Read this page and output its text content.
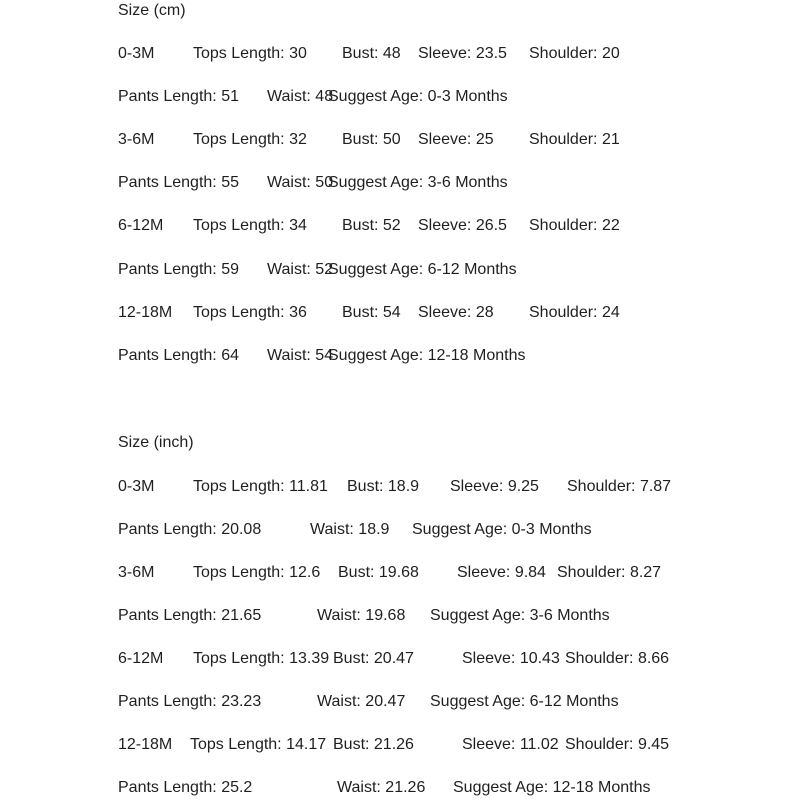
Size (cm)
0-3M Tops Length: 30 Bust: 48 Sleeve: 23.5 Shoulder: 20
Pants Length: 51 Waist: 48
Suggest Age: 0-3 Months
3-6M Tops Length: 32 Bust: 50 Sleeve: 25 Shoulder: 21
Pants Length: 55 Waist: 50
Suggest Age: 3-6 Months
6-12M Tops Length: 34 Bust: 52 Sleeve: 26.5 Shoulder: 22
Pants Length: 59 Waist: 52
Suggest Age: 6-12 Months
12-18M Tops Length: 36 Bust: 54 Sleeve: 28 Shoulder: 24
Pants Length: 64 Waist: 54
Suggest Age: 12-18 Months
Size (inch)
0-3M Tops Length: 11.81 Bust: 18.9 Sleeve: 9.25 Shoulder: 7.87
Pants Length: 20.08	Waist: 18.9 Suggest Age: 0-3 Months
3-6M Tops Length: 12.6 Bust: 19.68 Sleeve: 9.84 Shoulder: 8.27
Pants Length: 21.65	Waist: 19.68 Suggest Age: 3-6 Months
6-12M Tops Length: 13.39 Bust: 20.47	Sleeve: 10.43 Shoulder: 8.66
Pants Length: 23.23	Waist: 20.47 Suggest Age: 6-12 Months
12-18M Tops Length: 14.17 Bust: 21.26	Sleeve: 11.02 Shoulder: 9.45
Pants Length: 25.2	Waist: 21.26 Suggest Age: 12-18 Months
